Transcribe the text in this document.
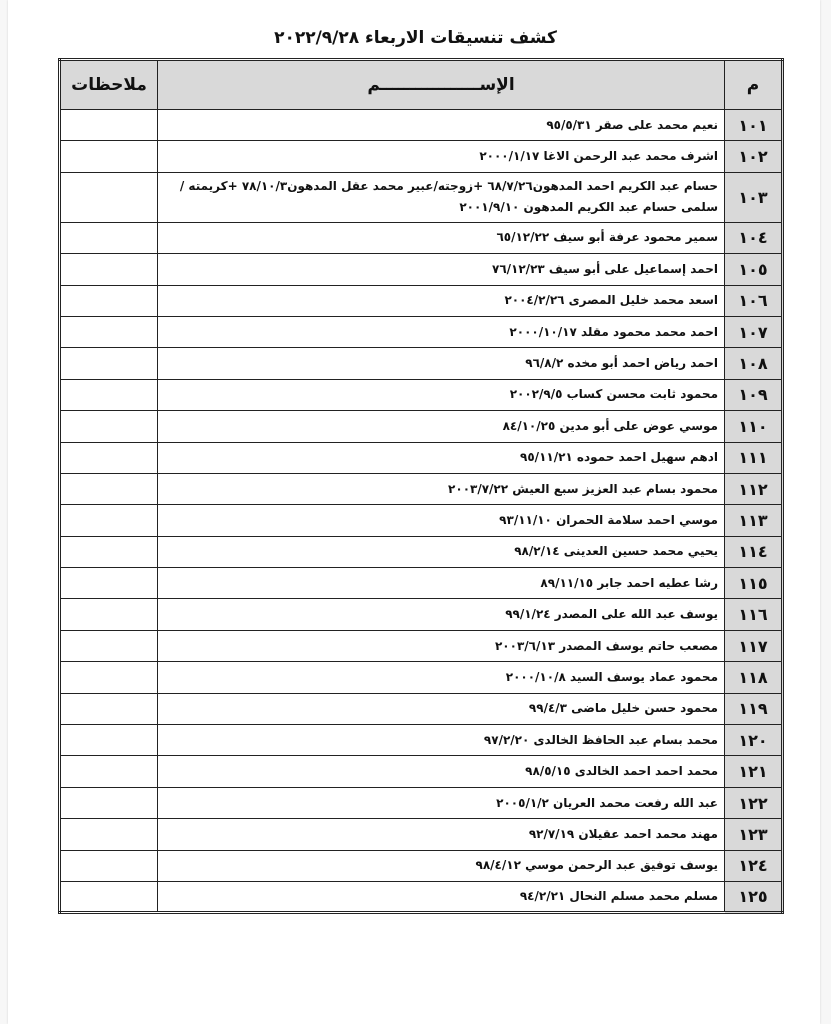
كشف تنسيقات الاربعاء ٢٠٢٢/٩/٢٨
م	الإســـــــــــــــــم	ملاحظات
١٠١	نعيم محمد على صقر ٩٥/٥/٣١	
١٠٢	اشرف محمد عبد الرحمن الاغا ٢٠٠٠/١/١٧	
١٠٣	حسام عبد الكريم احمد المدهون٦٨/٧/٢٦ +زوجته/عبير محمد عقل المدهون٧٨/١٠/٣ +كريمته / سلمى حسام عبد الكريم المدهون ٢٠٠١/٩/١٠	
١٠٤	سمير محمود عرفة أبو سيف ٦٥/١٢/٢٢	
١٠٥	احمد إسماعيل على أبو سيف ٧٦/١٢/٢٣	
١٠٦	اسعد محمد خليل المصرى ٢٠٠٤/٢/٢٦	
١٠٧	احمد محمد محمود مقلد ٢٠٠٠/١٠/١٧	
١٠٨	احمد رياض احمد أبو مخده ٩٦/٨/٢	
١٠٩	محمود ثابت محسن كساب ٢٠٠٢/٩/٥	
١١٠	موسي عوض على أبو مدين ٨٤/١٠/٢٥	
١١١	ادهم سهيل احمد حموده ٩٥/١١/٢١	
١١٢	محمود بسام عبد العزيز سبع العيش ٢٠٠٣/٧/٢٢	
١١٣	موسي احمد سلامة الحمران ٩٣/١١/١٠	
١١٤	يحيي محمد حسين العدينى ٩٨/٢/١٤	
١١٥	رشا عطيه احمد جابر ٨٩/١١/١٥	
١١٦	يوسف عبد الله على المصدر ٩٩/١/٢٤	
١١٧	مصعب حاتم يوسف المصدر ٢٠٠٣/٦/١٣	
١١٨	محمود عماد يوسف السيد ٢٠٠٠/١٠/٨	
١١٩	محمود حسن خليل ماضى ٩٩/٤/٣	
١٢٠	محمد بسام عبد الحافظ الخالدى ٩٧/٢/٢٠	
١٢١	محمد احمد احمد الخالدى ٩٨/٥/١٥	
١٢٢	عبد الله رفعت محمد العريان ٢٠٠٥/١/٢	
١٢٣	مهند محمد احمد عقيلان ٩٢/٧/١٩	
١٢٤	يوسف توفيق عبد الرحمن موسي ٩٨/٤/١٢	
١٢٥	مسلم محمد مسلم النحال ٩٤/٢/٢١	
